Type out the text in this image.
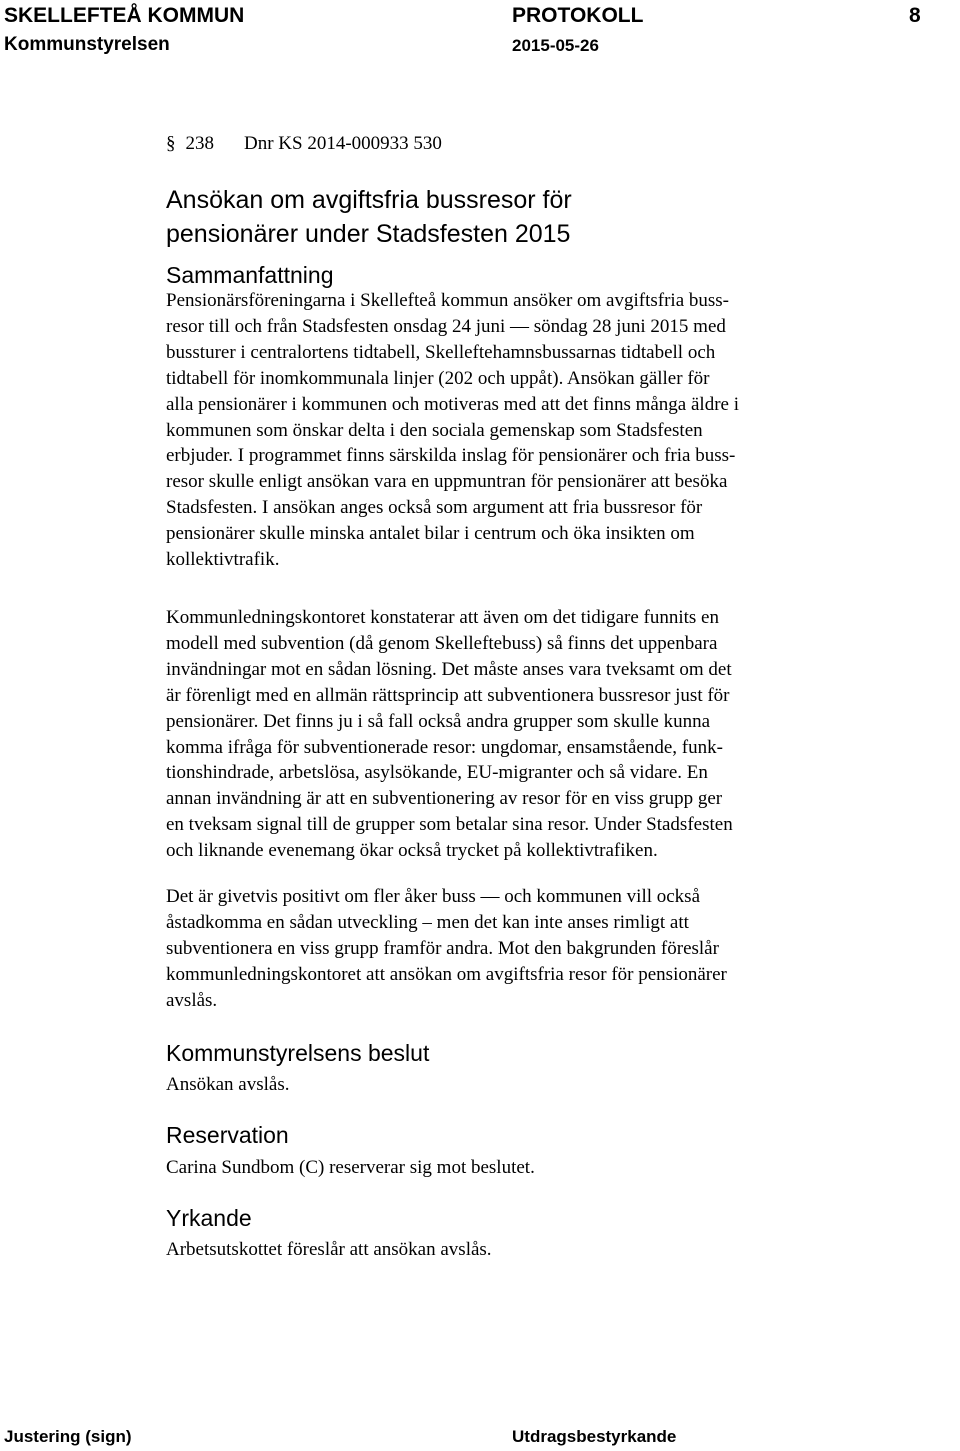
SKELLEFTEÅ KOMMUN	PROTOKOLL	8
Kommunstyrelsen	2015-05-26
§ 238 Dnr KS 2014-000933 530
Ansökan om avgiftsfria bussresor för
pensionärer under Stadsfesten 2015
Sammanfattning
Pensionärsföreningarna i Skellefteå kommun ansöker om avgiftsfria buss-
resor till och från Stadsfesten onsdag 24 juni — söndag 28 juni 2015 med
bussturer i centralortens tidtabell, Skelleftehamnsbussarnas tidtabell och
tidtabell för inomkommunala linjer (202 och uppåt). Ansökan gäller för
alla pensionärer i kommunen och motiveras med att det finns många äldre i
kommunen som önskar delta i den sociala gemenskap som Stadsfesten
erbjuder. I programmet finns särskilda inslag för pensionärer och fria buss-
resor skulle enligt ansökan vara en uppmuntran för pensionärer att besöka
Stadsfesten. I ansökan anges också som argument att fria bussresor för
pensionärer skulle minska antalet bilar i centrum och öka insikten om
kollektivtrafik.
Kommunledningskontoret konstaterar att även om det tidigare funnits en
modell med subvention (då genom Skelleftebuss) så finns det uppenbara
invändningar mot en sådan lösning. Det måste anses vara tveksamt om det
är förenligt med en allmän rättsprincip att subventionera bussresor just för
pensionärer. Det finns ju i så fall också andra grupper som skulle kunna
komma ifråga för subventionerade resor: ungdomar, ensamstående, funk-
tionshindrade, arbetslösa, asylsökande, EU-migranter och så vidare. En
annan invändning är att en subventionering av resor för en viss grupp ger
en tveksam signal till de grupper som betalar sina resor. Under Stadsfesten
och liknande evenemang ökar också trycket på kollektivtrafiken.
Det är givetvis positivt om fler åker buss — och kommunen vill också
åstadkomma en sådan utveckling – men det kan inte anses rimligt att
subventionera en viss grupp framför andra. Mot den bakgrunden föreslår
kommunledningskontoret att ansökan om avgiftsfria resor för pensionärer
avslås.
Kommunstyrelsens beslut
Ansökan avslås.
Reservation
Carina Sundbom (C) reserverar sig mot beslutet.
Yrkande
Arbetsutskottet föreslår att ansökan avslås.
Justering (sign)	Utdragsbestyrkande
